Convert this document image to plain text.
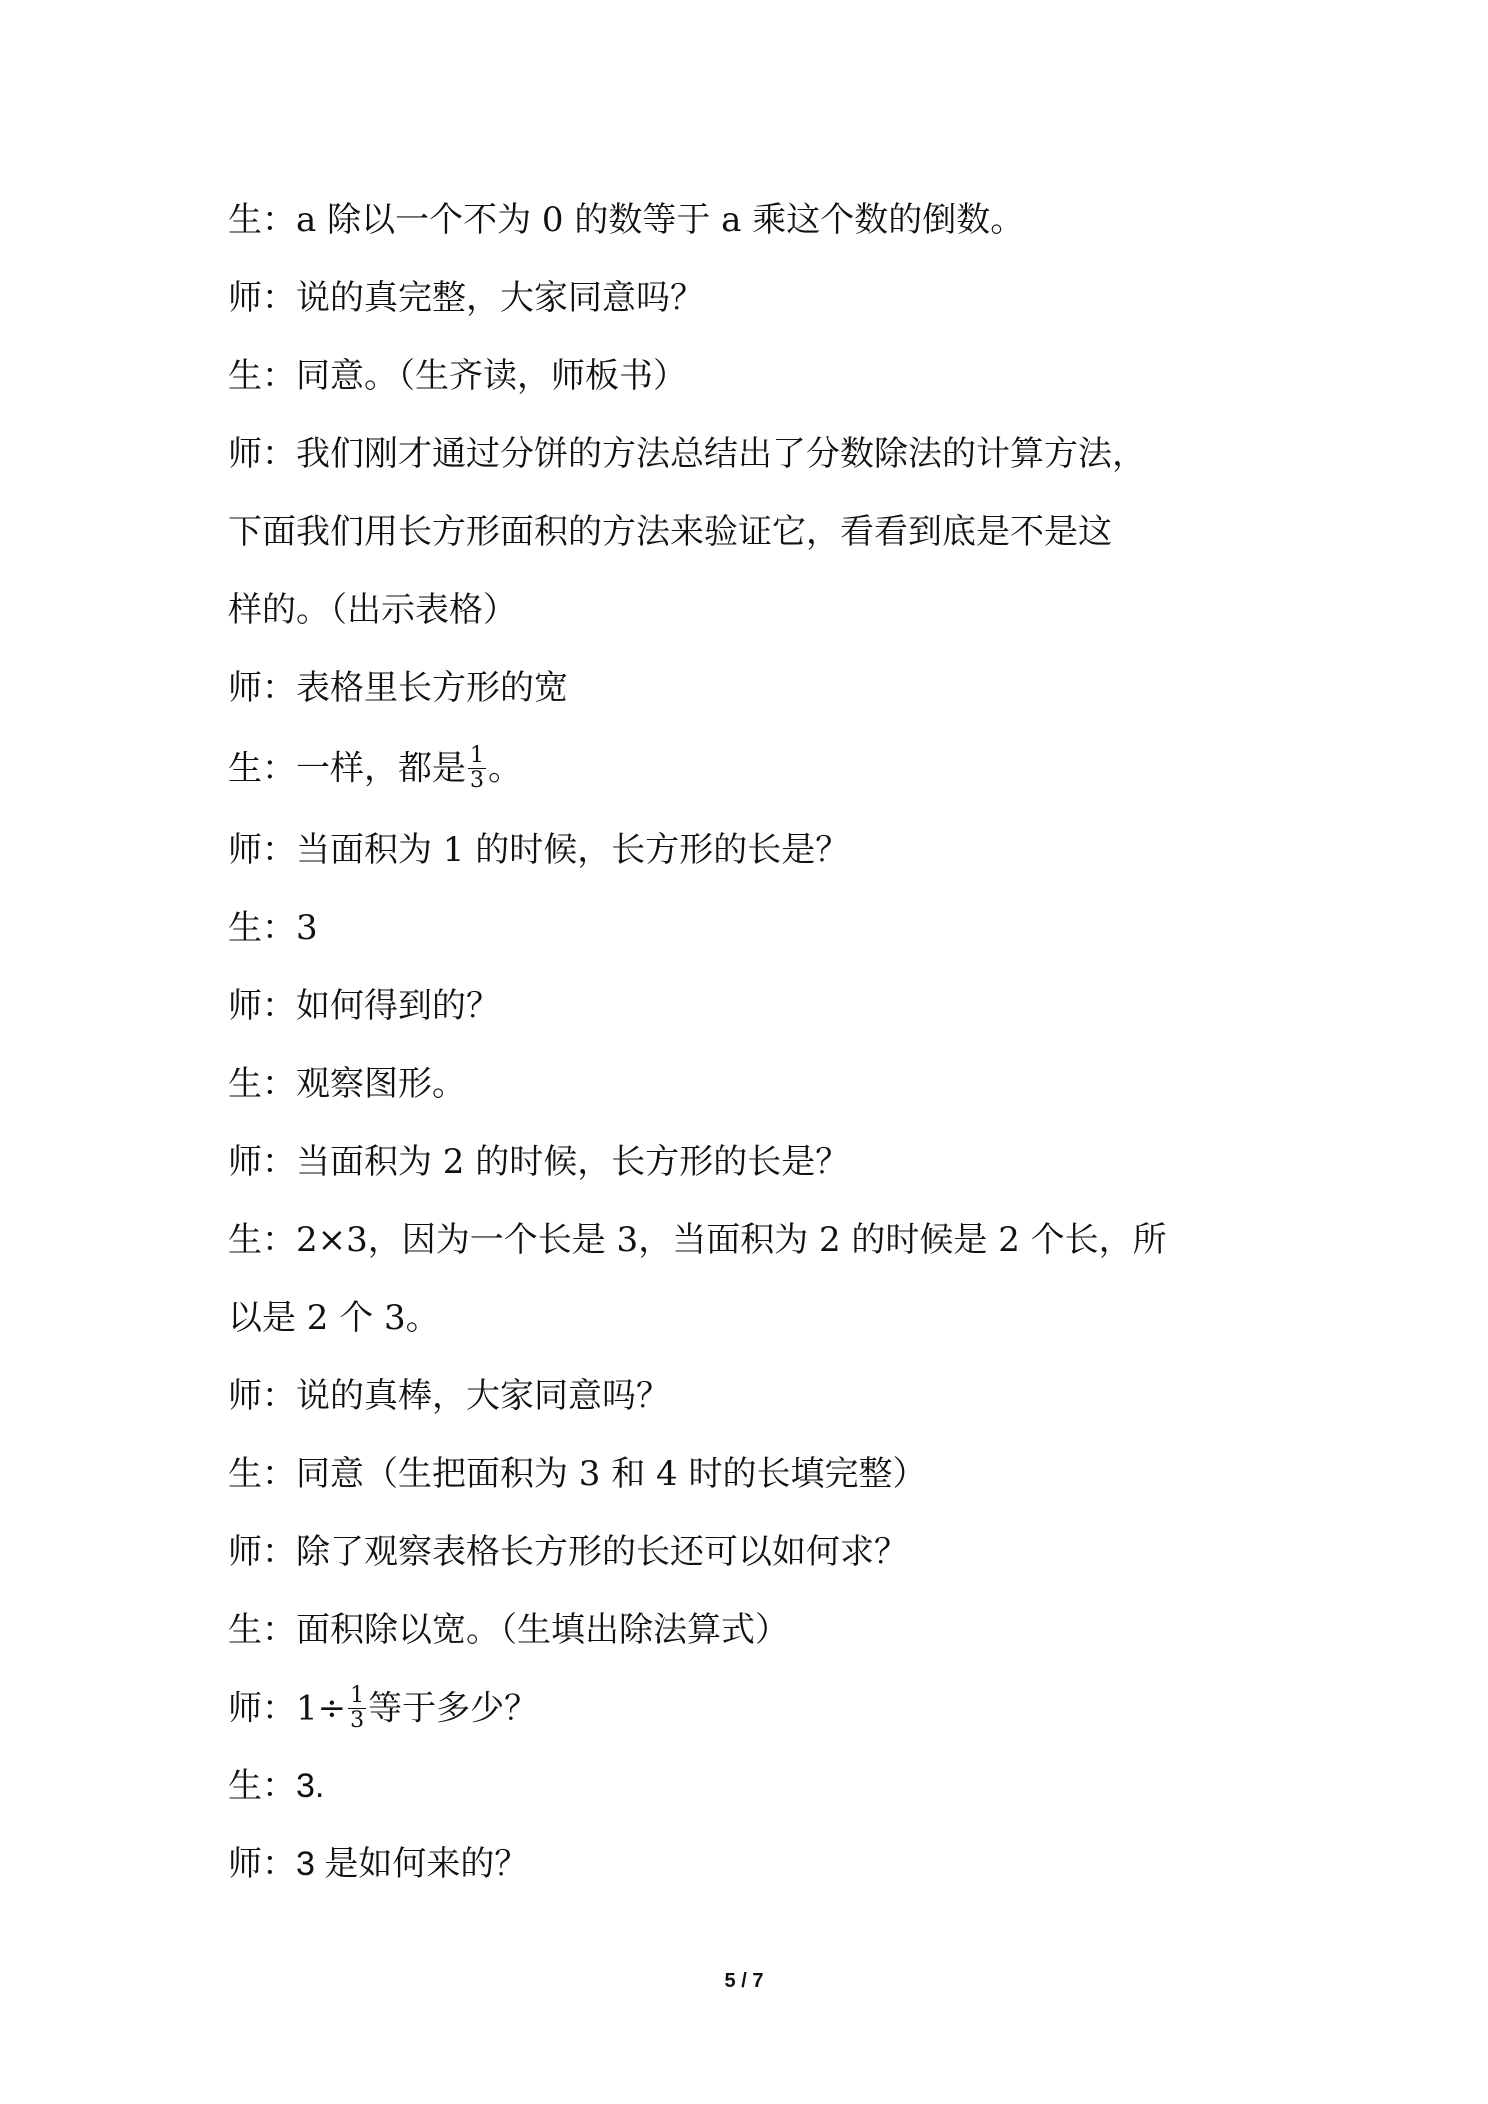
生：a 除以一个不为 0 的数等于 a 乘这个数的倒数。
师：说的真完整，大家同意吗？
生：同意。（生齐读，师板书）
师：我们刚才通过分饼的方法总结出了分数除法的计算方法，
下面我们用长方形面积的方法来验证它，看看到底是不是这
样的。（出示表格）
师：表格里长方形的宽
生：一样，都是 $\frac{1}{3}$ 。
师：当面积为 1 的时候，长方形的长是？
生：3
师：如何得到的？
生：观察图形。
师：当面积为 2 的时候，长方形的长是？
生：2×3，因为一个长是 3，当面积为 2 的时候是 2 个长，所
以是 2 个 3。
师：说的真棒，大家同意吗？
生：同意（生把面积为 3 和 4 时的长填完整）
师：除了观察表格长方形的长还可以如何求？
生：面积除以宽。（生填出除法算式）
师：$1\div \frac{1}{3}$ 等于多少？
生：3.
师：3 是如何来的？
5 / 7
